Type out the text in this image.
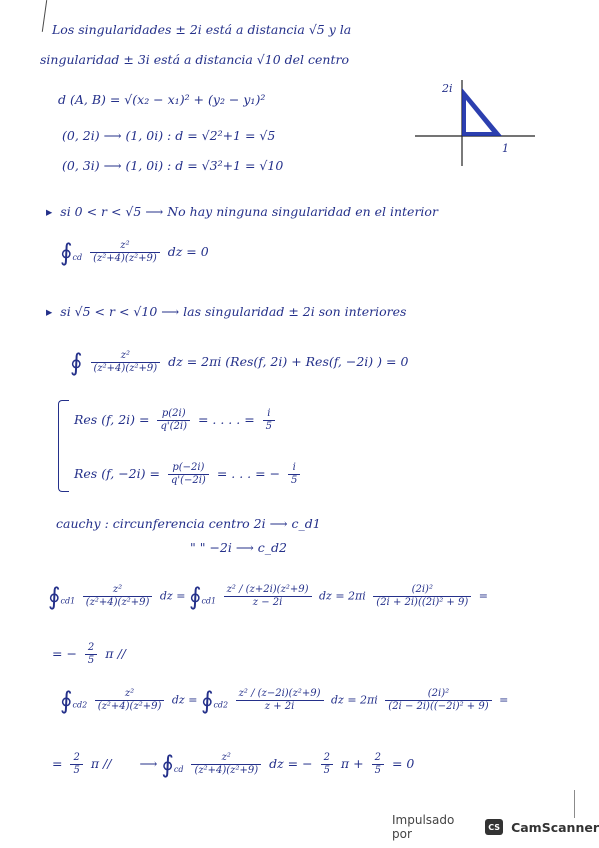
Los singularidades ± 2i está a distancia √5 y la
singularidad ± 3i está a distancia √10 del centro
d (A, B) = √(x₂ − x₁)² + (y₂ − y₁)²
(0, 2i) ⟶ (1, 0i) : d = √2²+1 = √5
(0, 3i) ⟶ (1, 0i) : d = √3²+1 = √10
2i
1
▸ si 0 < r < √5 ⟶ No hay ninguna singularidad en el interior
$∮_{cd} \frac{\text{z²}}{\text{(z²+4)(z²+9)}}$ dz = 0
▸ si √5 < r < √10 ⟶ las singularidad ± 2i son interiores
∮ $\frac{\text{z²}}{\text{(z²+4)(z²+9)}}$ dz = 2πi (Res(f, 2i) + Res(f, −2i) ) = 0
Res (f, $2i) = \frac{p(2i)}{q'(2i)}$ = . . . . = $\frac{i}{5}$
Res (f, $-2i) = \frac{p(-2i)}{q'(-2i)}$ = . . . = − $\frac{i}{5}$
cauchy : circunferencia centro 2i ⟶ c_d1
" " −2i ⟶ c_d2
$∮_{cd1} \frac{\text{z²}}{\text{(z²+4)(z²+9)}}$ dz = $∮_{cd1} \frac{\text{z² / (z+2i)(z²+9)}}{z - 2i}$ dz = $2\pi i \frac{\text{(2i)²}}{\text{(2i + 2i)((2i)² + 9)}}$ =
= − $\frac{2}{5}$ π //
$∮_{cd2} \frac{\text{z²}}{\text{(z²+4)(z²+9)}}$ dz = $∮_{cd2} \frac{\text{z² / (z−2i)(z²+9)}}{z + 2i}$ dz = $2\pi i \frac{\text{(2i)²}}{\text{(2i − 2i)((−2i)² + 9)}}$ =
= $\frac{2}{5}$ π // ⟶ $∮_{cd} \frac{\text{z²}}{\text{(z²+4)(z²+9)}}$ dz = − $\frac{2}{5}$ $\pi + \frac{2}{5} = 0$
Impulsado por	CS CamScanner
